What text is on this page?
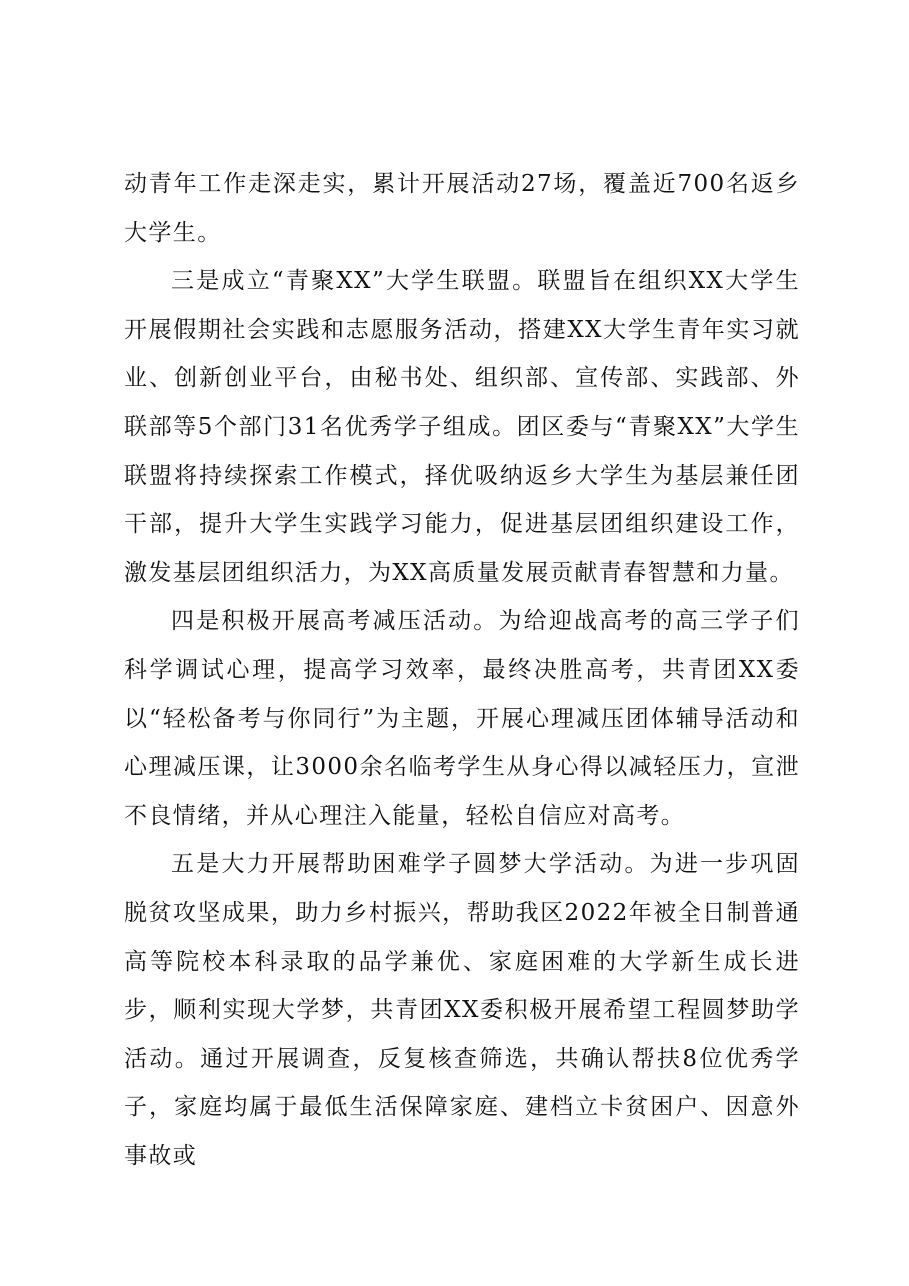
动青年工作走深走实，累计开展活动27场，覆盖近700名返乡大学生。

三是成立“青聚XX”大学生联盟。联盟旨在组织XX大学生开展假期社会实践和志愿服务活动，搭建XX大学生青年实习就业、创新创业平台，由秘书处、组织部、宣传部、实践部、外联部等5个部门31名优秀学子组成。团区委与“青聚XX”大学生联盟将持续探索工作模式，择优吸纳返乡大学生为基层兼任团干部，提升大学生实践学习能力，促进基层团组织建设工作，激发基层团组织活力，为XX高质量发展贡献青春智慧和力量。

四是积极开展高考减压活动。为给迎战高考的高三学子们科学调试心理，提高学习效率，最终决胜高考，共青团XX委以“轻松备考与你同行”为主题，开展心理减压团体辅导活动和心理减压课，让3000余名临考学生从身心得以减轻压力，宣泄不良情绪，并从心理注入能量，轻松自信应对高考。

五是大力开展帮助困难学子圆梦大学活动。为进一步巩固脱贫攻坚成果，助力乡村振兴，帮助我区2022年被全日制普通高等院校本科录取的品学兼优、家庭困难的大学新生成长进步，顺利实现大学梦，共青团XX委积极开展希望工程圆梦助学活动。通过开展调查，反复核查筛选，共确认帮扶8位优秀学子，家庭均属于最低生活保障家庭、建档立卡贫困户、因意外事故或
